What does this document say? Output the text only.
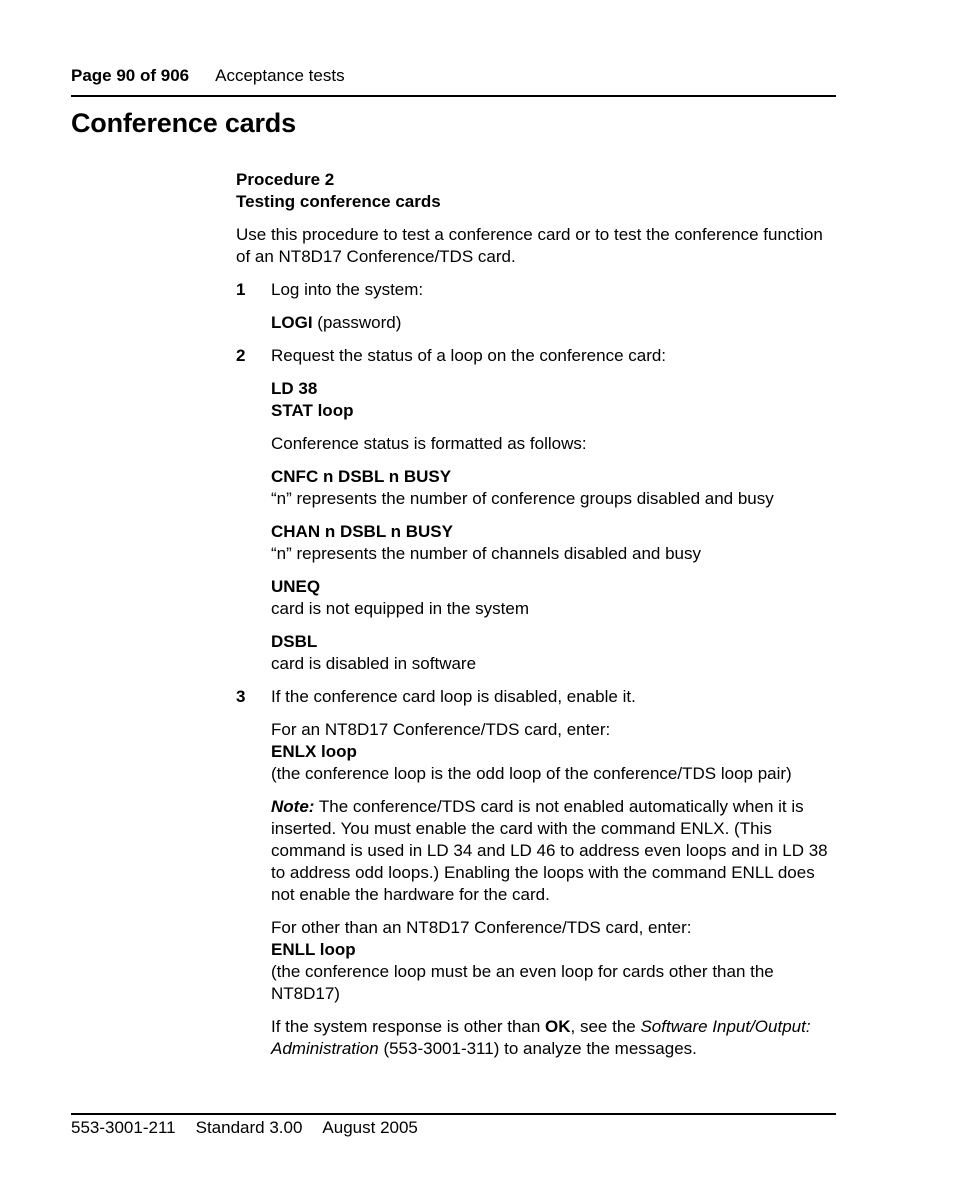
Page 90 of 906 Acceptance tests
Conference cards

Procedure 2

Testing conference cards

Use this procedure to test a conference card or to test the conference function of an NT8D17 Conference/TDS card.

1 Log into the system:

LOGI (password)

2 Request the status of a loop on the conference card:

LD 38

STAT loop

Conference status is formatted as follows:

CNFC n DSBL n BUSY

“n” represents the number of conference groups disabled and busy

CHAN n DSBL n BUSY

“n” represents the number of channels disabled and busy

UNEQ

card is not equipped in the system

DSBL

card is disabled in software

3 If the conference card loop is disabled, enable it.

For an NT8D17 Conference/TDS card, enter:

ENLX loop

(the conference loop is the odd loop of the conference/TDS loop pair)

Note: The conference/TDS card is not enabled automatically when it is inserted. You must enable the card with the command ENLX. (This command is used in LD 34 and LD 46 to address even loops and in LD 38 to address odd loops.) Enabling the loops with the command ENLL does not enable the hardware for the card.

For other than an NT8D17 Conference/TDS card, enter:

ENLL loop

(the conference loop must be an even loop for cards other than the NT8D17)

If the system response is other than OK, see the Software Input/Output: Administration (553-3001-311) to analyze the messages.

553-3001-211 Standard 3.00 August 2005
